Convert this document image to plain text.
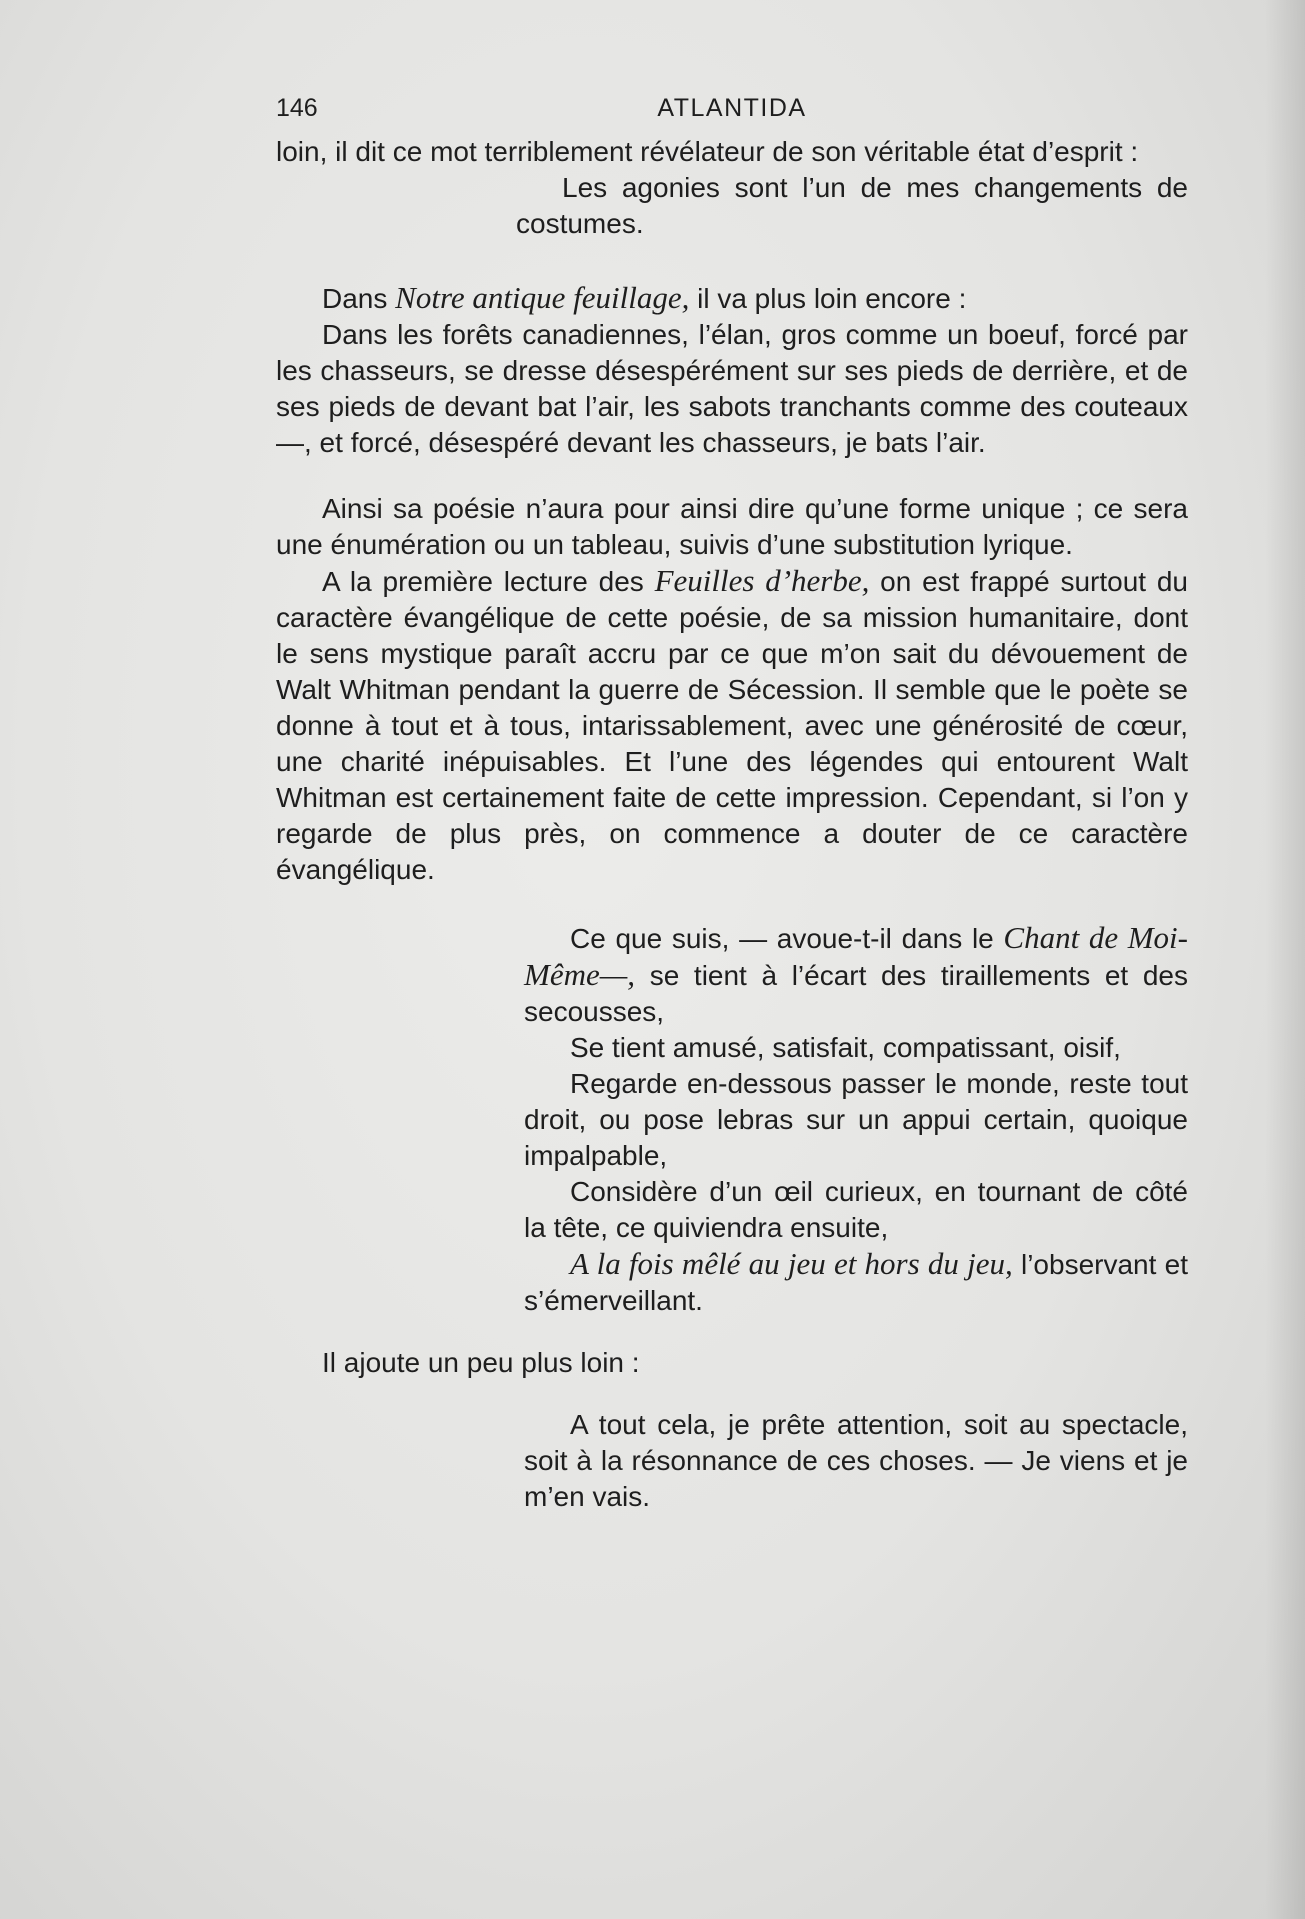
146	ATLANTIDA

loin, il dit ce mot terriblement révélateur de son véritable état d’esprit :

Les agonies sont l’un de mes changements de costumes.

Dans Notre antique feuillage, il va plus loin encore :

Dans les forêts canadiennes, l’élan, gros comme un boeuf, forcé par les chasseurs, se dresse désespérément sur ses pieds de derrière, et de ses pieds de devant bat l’air, les sabots tranchants comme des couteaux—, et forcé, désespéré devant les chasseurs, je bats l’air.

Ainsi sa poésie n’aura pour ainsi dire qu’une forme unique ; ce sera une énumération ou un tableau, suivis d’une substitution lyrique.

A la première lecture des Feuilles d’herbe, on est frappé surtout du caractère évangélique de cette poésie, de sa mission humanitaire, dont le sens mystique paraît accru par ce que m’on sait du dévouement de Walt Whitman pendant la guerre de Sécession. Il semble que le poète se donne à tout et à tous, intarissablement, avec une générosité de cœur, une charité inépuisables. Et l’une des légendes qui entourent Walt Whitman est certainement faite de cette impression. Cependant, si l’on y regarde de plus près, on commence a douter de ce caractère évangélique.

Ce que suis, — avoue-t-il dans le Chant de Moi-Même—, se tient à l’écart des tiraillements et des secousses,

Se tient amusé, satisfait, compatissant, oisif,

Regarde en-dessous passer le monde, reste tout droit, ou pose lebras sur un appui certain, quoique impalpable,

Considère d’un œil curieux, en tournant de côté la tête, ce quiviendra ensuite,

A la fois mêlé au jeu et hors du jeu, l’observant et s’émerveillant.

Il ajoute un peu plus loin :

A tout cela, je prête attention, soit au spectacle, soit à la résonnance de ces choses. — Je viens et je m’en vais.
